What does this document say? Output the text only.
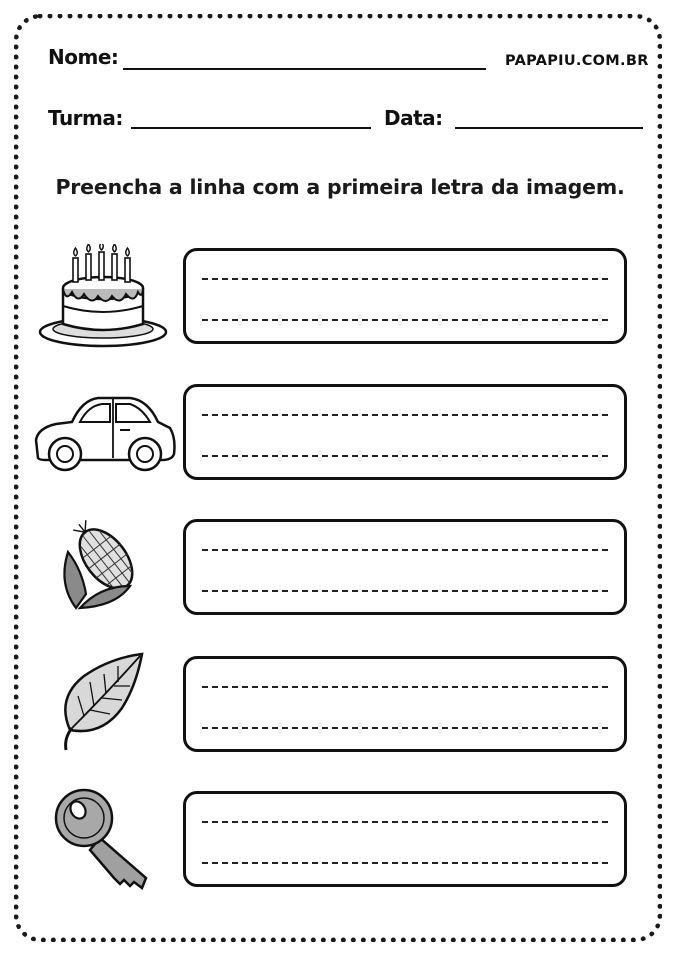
Nome:	PAPAPIU.COM.BR
Turma:	Data:
Preencha a linha com a primeira letra da imagem.
